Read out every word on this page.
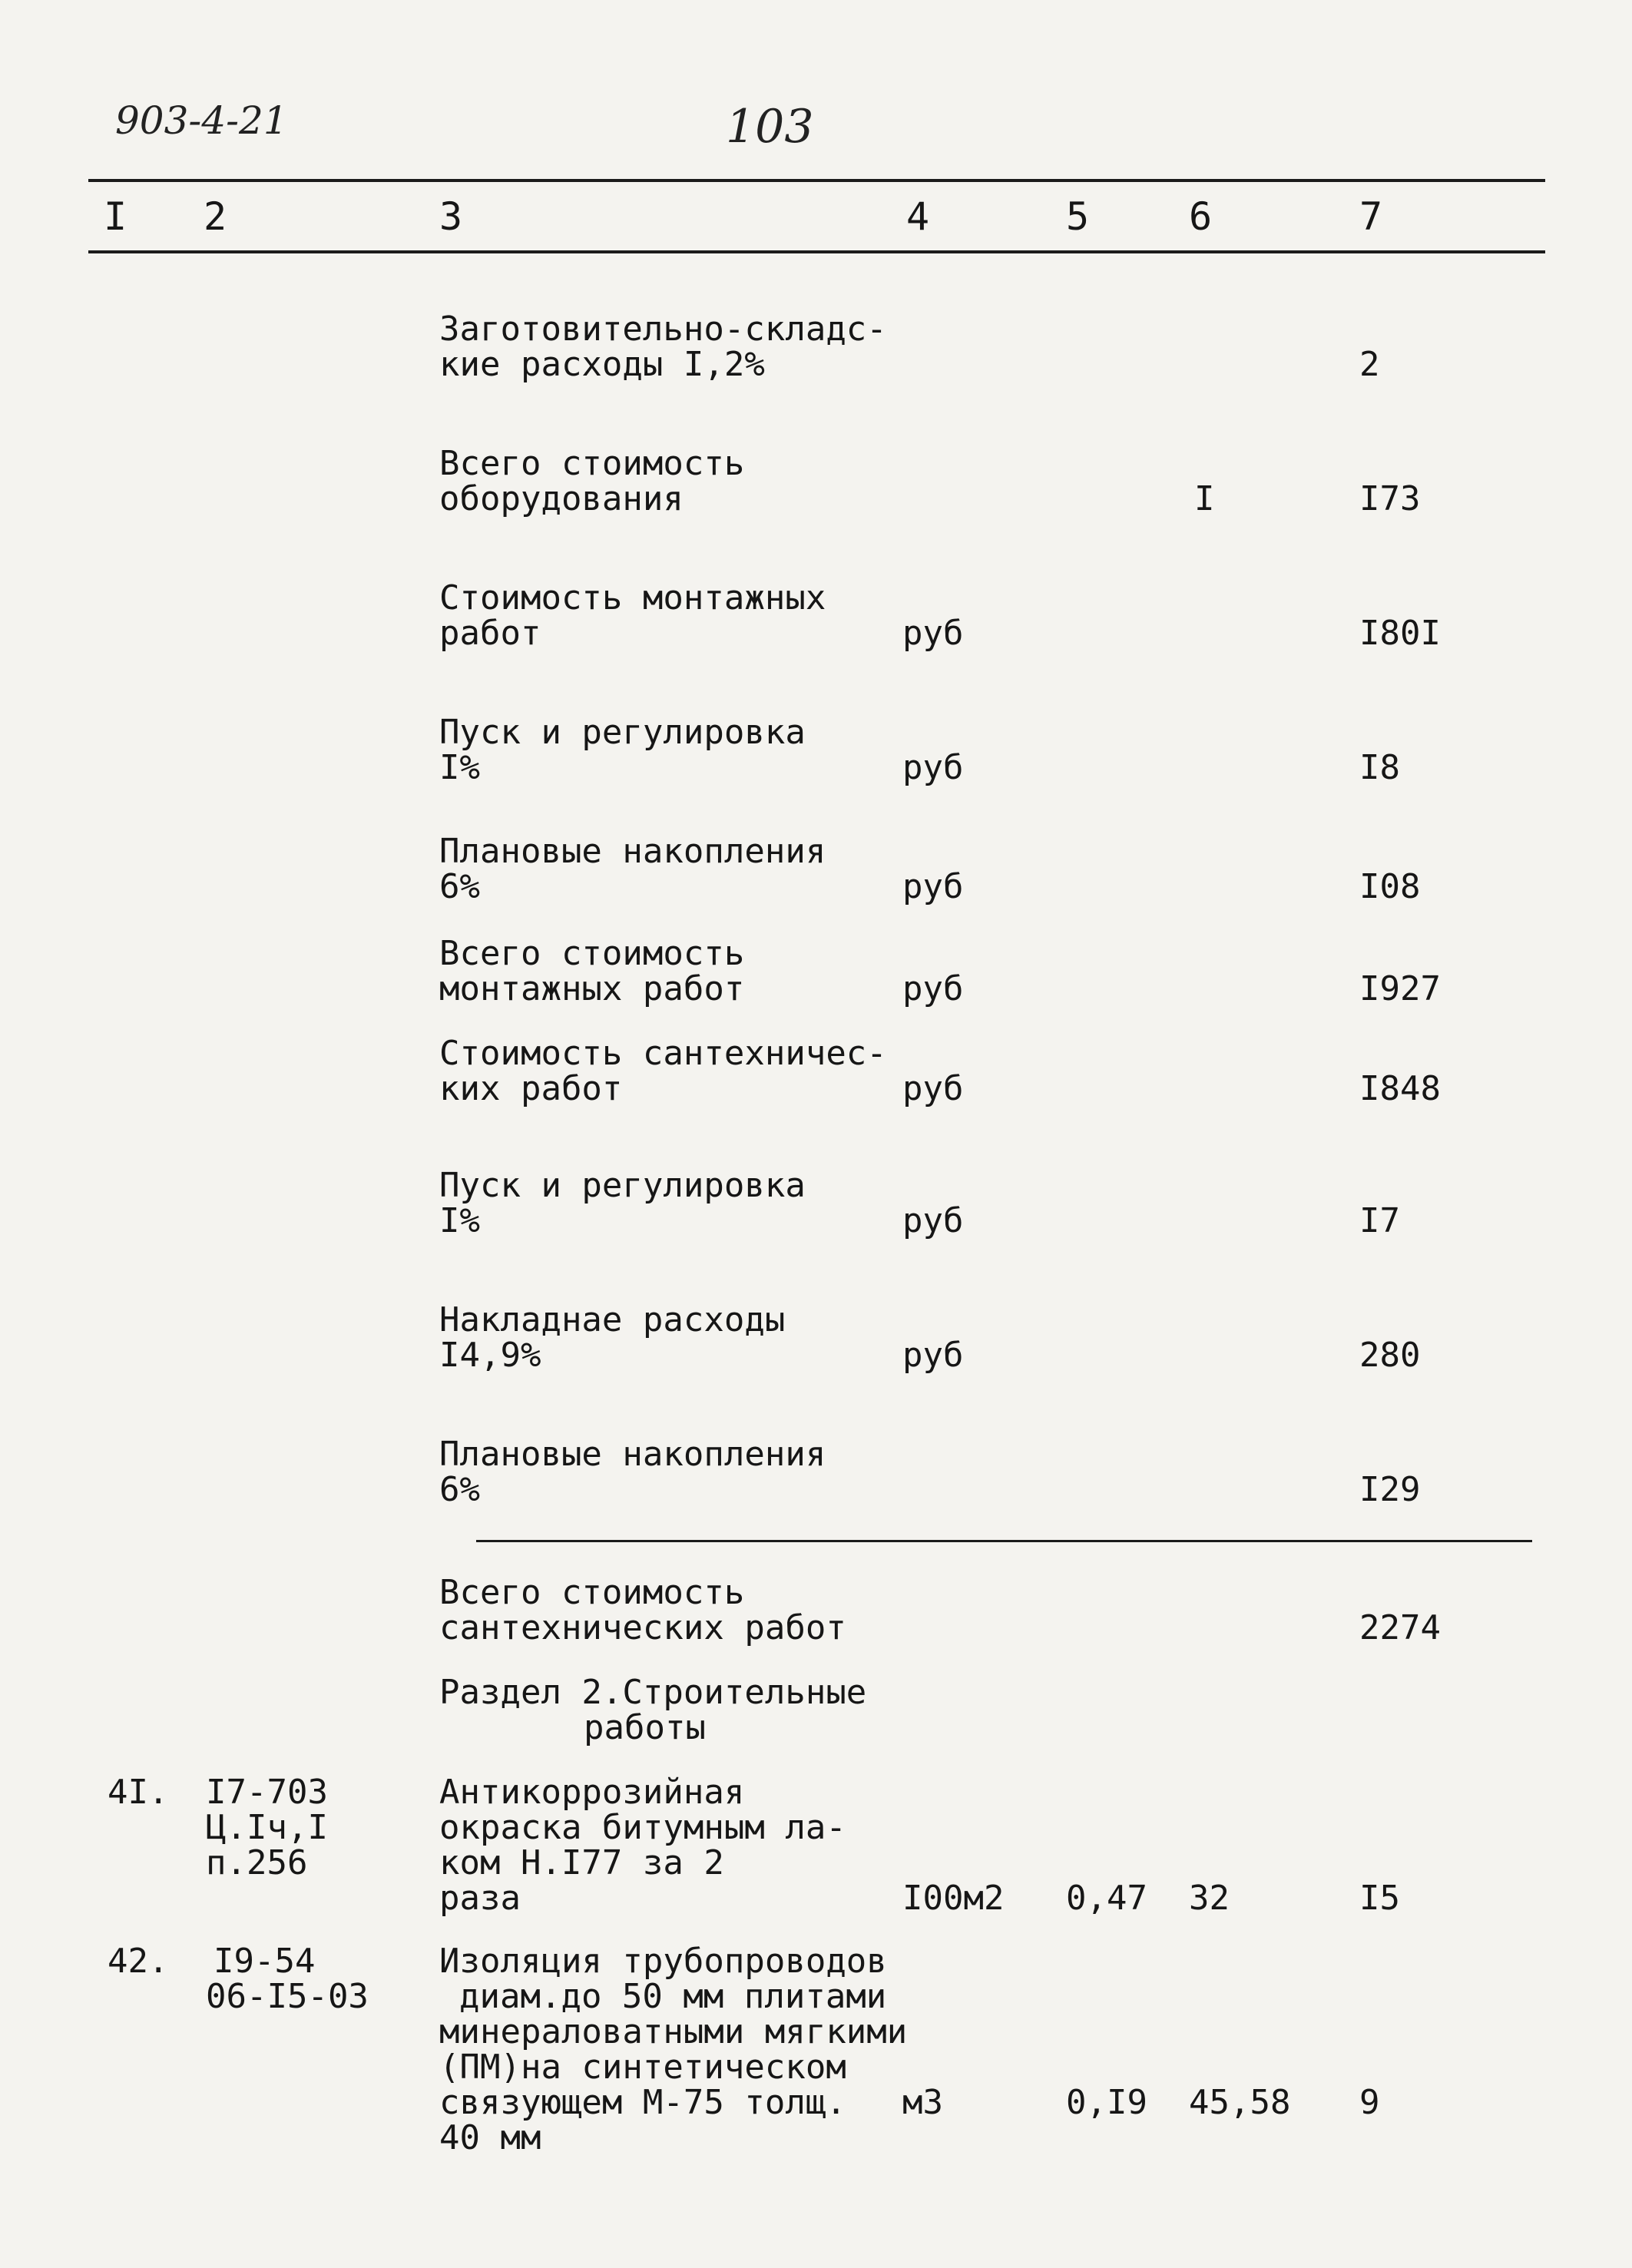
903-4-21	103
I 2	3	4	5	6	7
Заготовительно-складс-
кие расходы I,2%	2
Всего стоимость
оборудования	I	I73
Стоимость монтажных
работ	руб	I80I
Пуск и регулировка
I%	руб	I8
Плановые накопления
6%	руб	I08
Всего стоимость
монтажных работ	руб	I927
Стоимость сантехничес-
ких работ	руб	I848
Пуск и регулировка
I%	руб	I7
Накладнае расходы
I4,9%	руб	280
Плановые накопления
6%	I29
Всего стоимость
сантехнических работ	2274
Раздел 2.Строительные
работы
4I. I7-703
Ц.Iч,I
п.256
Антикоррозийная
окраска битумным ла-
ком Н.I77 за 2
раза	I00м2 0,47 32	I5
42. I9-54
06-I5-03
Изоляция трубопроводов
диам.до 50 мм плитами
минераловатными мягкими
(ПМ)на синтетическом
связующем М-75 толщ.
40 мм
м3	0,I9 45,58 9
